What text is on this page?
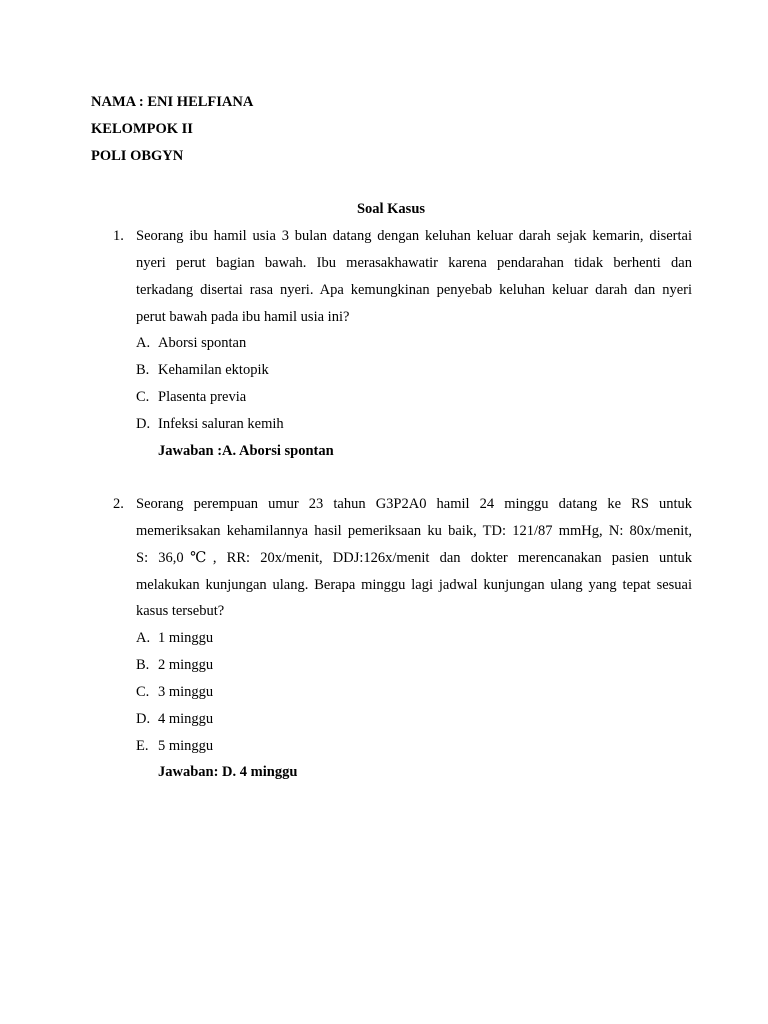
NAMA : ENI HELFIANA
KELOMPOK II
POLI OBGYN
Soal Kasus
1. Seorang ibu hamil usia 3 bulan datang dengan keluhan keluar darah sejak kemarin, disertai
nyeri perut bagian bawah. Ibu merasakhawatir karena pendarahan tidak berhenti dan
terkadang disertai rasa nyeri. Apa kemungkinan penyebab keluhan keluar darah dan nyeri
perut bawah pada ibu hamil usia ini?
A. Aborsi spontan
B. Kehamilan ektopik
C. Plasenta previa
D. Infeksi saluran kemih
Jawaban :A. Aborsi spontan
2. Seorang perempuan umur 23 tahun G3P2A0 hamil 24 minggu datang ke RS untuk
memeriksakan kehamilannya hasil pemeriksaan ku baik, TD: 121/87 mmHg, N: 80x/menit,
S: 36,0℃, RR: 20x/menit, DDJ:126x/menit dan dokter merencanakan pasien untuk
melakukan kunjungan ulang. Berapa minggu lagi jadwal kunjungan ulang yang tepat sesuai
kasus tersebut?
A. 1 minggu
B. 2 minggu
C. 3 minggu
D. 4 minggu
E. 5 minggu
Jawaban: D. 4 minggu
